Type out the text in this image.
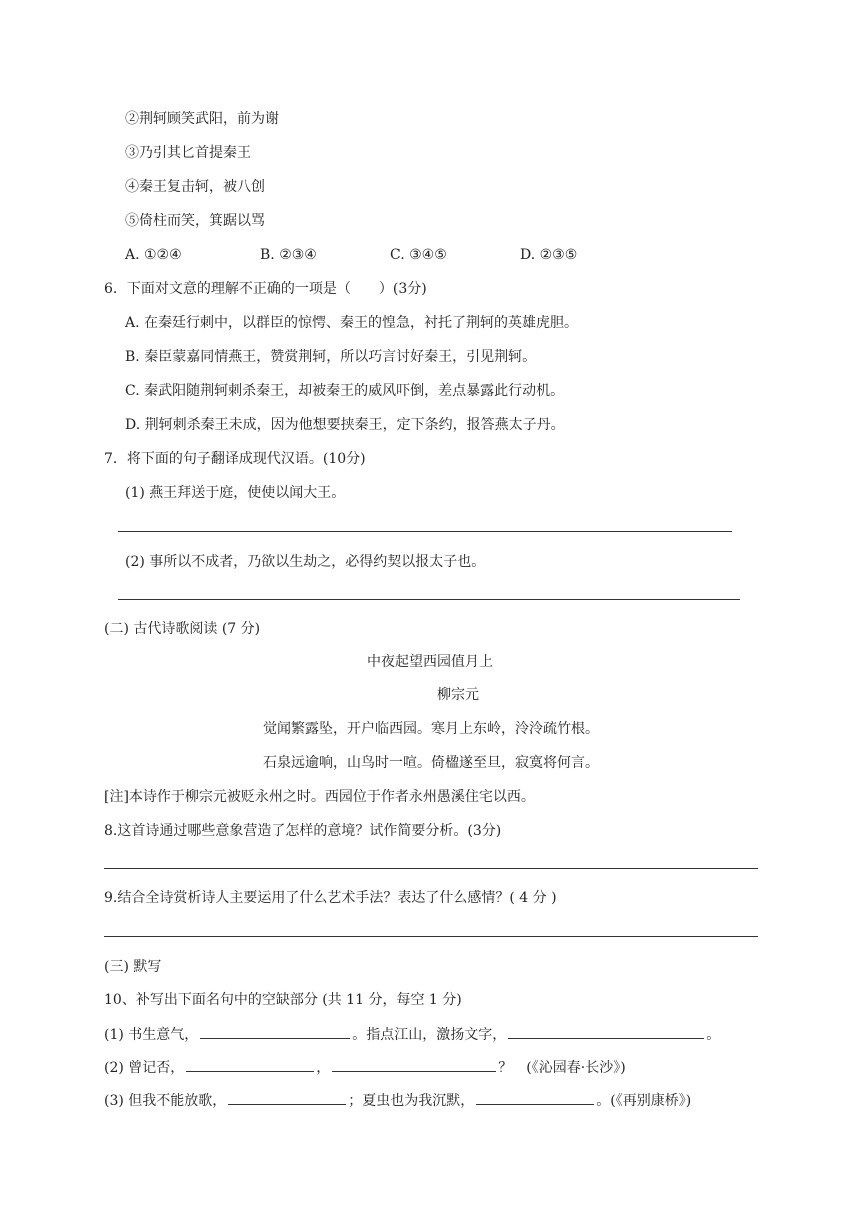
②荆轲顾笑武阳，前为谢
③乃引其匕首提秦王
④秦王复击轲，被八创
⑤倚柱而笑，箕踞以骂
A. ①②④	B. ②③④	C. ③④⑤	D. ②③⑤
6．下面对文意的理解不正确的一项是（　　）(3分)
A. 在秦廷行刺中，以群臣的惊愕、秦王的惶急，衬托了荆轲的英雄虎胆。
B. 秦臣蒙嘉同情燕王，赞赏荆轲，所以巧言讨好秦王，引见荆轲。
C. 秦武阳随荆轲刺杀秦王，却被秦王的威风吓倒，差点暴露此行动机。
D. 荆轲刺杀秦王未成，因为他想要挟秦王，定下条约，报答燕太子丹。
7．将下面的句子翻译成现代汉语。(10分)
(1) 燕王拜送于庭，使使以闻大王。
(2) 事所以不成者，乃欲以生劫之，必得约契以报太子也。
(二) 古代诗歌阅读 (7 分)
中夜起望西园值月上
柳宗元
觉闻繁露坠，开户临西园。寒月上东岭，泠泠疏竹根。
石泉远逾响，山鸟时一喧。倚楹遂至旦，寂寞将何言。
[注]本诗作于柳宗元被贬永州之时。西园位于作者永州愚溪住宅以西。
8.这首诗通过哪些意象营造了怎样的意境？试作简要分析。(3分)
9.结合全诗赏析诗人主要运用了什么艺术手法？表达了什么感情？( 4 分 )
(三) 默写
10、补写出下面名句中的空缺部分 (共 11 分，每空 1 分)
(1) 书生意气，	。指点江山，激扬文字，	。
(2) 曾记否，	，	？　(《沁园春·长沙》)
(3) 但我不能放歌，	；夏虫也为我沉默，	。(《再别康桥》)
